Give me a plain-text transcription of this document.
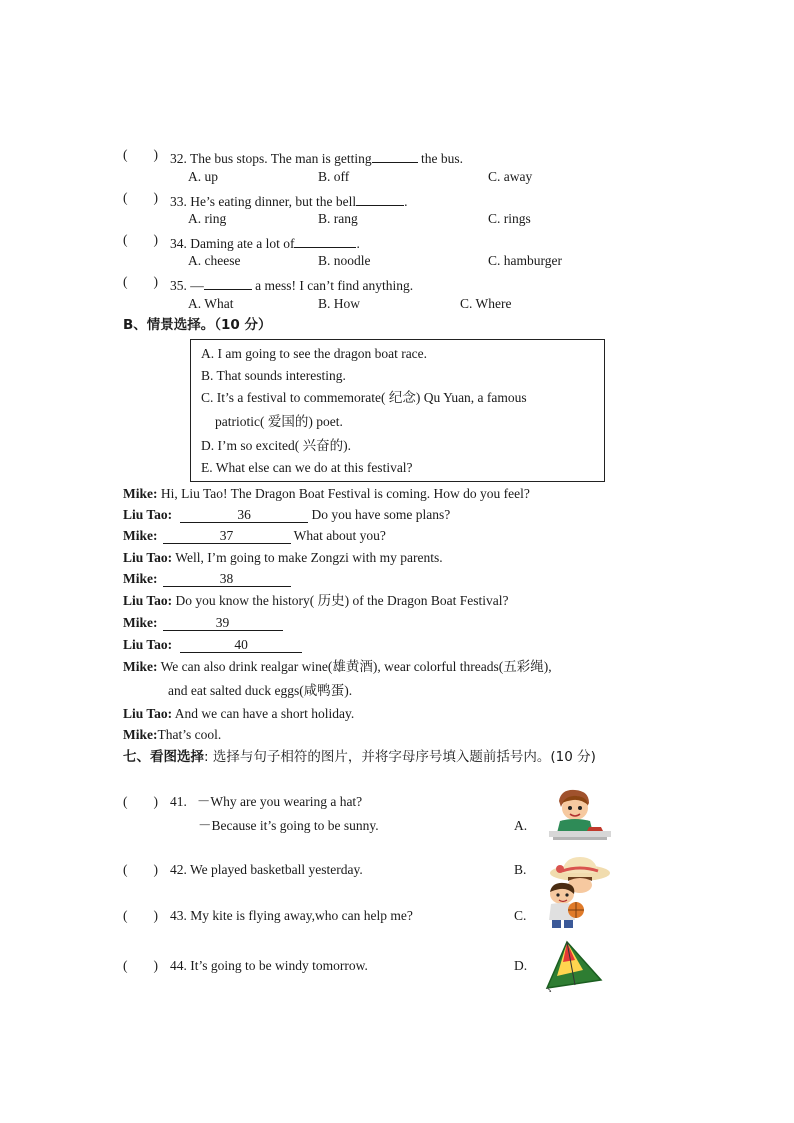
( ) 32. The bus stops. The man is getting	the bus.
A. up	B. off	C. away
( ) 33. He’s eating dinner, but the bell	.
A. ring	B. rang	C. rings
( ) 34. Daming ate a lot of	.
A. cheese	B. noodle	C. hamburger
( ) 35. —	a mess! I can’t find anything.
A. What	B. How	C. Where
B、情景选择。（10 分）
A. I am going to see the dragon boat race.
B. That sounds interesting.
C. It’s a festival to commemorate( 纪念) Qu Yuan, a famous
patriotic( 爱国的) poet.
D. I’m so excited( 兴奋的).
E. What else can we do at this festival?
Mike: Hi, Liu Tao! The Dragon Boat Festival is coming. How do you feel?
Liu Tao:	36	Do you have some plans?
Mike:	37	What about you?
Liu Tao: Well, I’m going to make Zongzi with my parents.
Mike:	38
Liu Tao: Do you know the history( 历史) of the Dragon Boat Festival?
Mike:	39
Liu Tao:	40
Mike: We can also drink realgar wine(雄黄酒), wear colorful threads(五彩绳),
and eat salted duck eggs(咸鸭蛋).
Liu Tao: And we can have a short holiday.
Mike:That’s cool.
七、看图选择: 选择与句子相符的图片，并将字母序号填入题前括号内。(10 分)
( ) 41. －Why are you wearing a hat?
－Because it’s going to be sunny.
( ) 42. We played basketball yesterday.
( ) 43. My kite is flying away,who can help me?
( ) 44. It’s going to be windy tomorrow.
A.
B.
C.
D.
